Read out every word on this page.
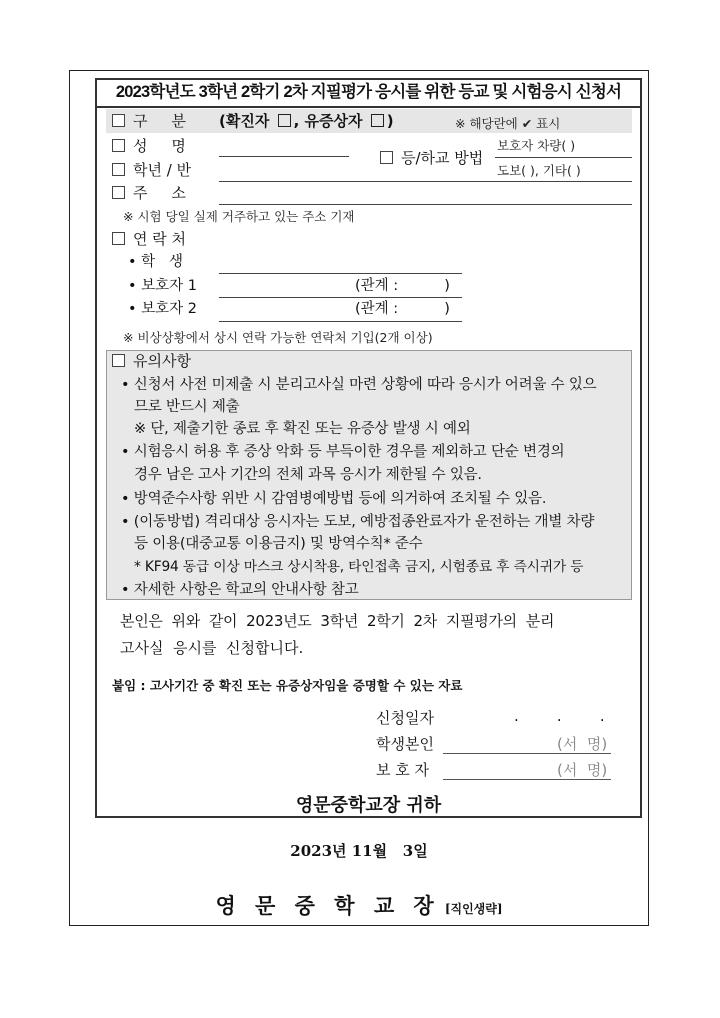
2023학년도 3학년 2학기 2차 지필평가 응시를 위한 등교 및 시험응시 신청서
구     분 (확진자 , 유증상자 )	※ 해당란에 ✔ 표시
성     명
학년 / 반
등/하교 방법
보호자 차량( )
도보( ), 기타( )
주     소
※ 시험 당일 실제 거주하고 있는 주소 기재
연 락 처
• 학   생
• 보호자 1	(관계 :          )
• 보호자 2	(관계 :          )
※ 비상상황에서 상시 연락 가능한 연락처 기입(2개 이상)
유의사항
• 신청서 사전 미제출 시 분리고사실 마련 상황에 따라 응시가 어려울 수 있으
므로 반드시 제출
※ 단, 제출기한 종료 후 확진 또는 유증상 발생 시 예외
• 시험응시 허용 후 증상 악화 등 부득이한 경우를 제외하고 단순 변경의
경우 남은 고사 기간의 전체 과목 응시가 제한될 수 있음.
• 방역준수사항 위반 시 감염병예방법 등에 의거하여 조치될 수 있음.
• (이동방법) 격리대상 응시자는 도보, 예방접종완료자가 운전하는 개별 차량
등 이용(대중교통 이용금지) 및 방역수칙* 준수
* KF94 동급 이상 마스크 상시착용, 타인접촉 금지, 시험종료 후 즉시귀가 등
• 자세한 사항은 학교의 안내사항 참고
본인은  위와  같이  2023년도  3학년  2학기  2차  지필평가의  분리
고사실  응시를  신청합니다.
붙임 : 고사기간 중 확진 또는 유증상자임을 증명할 수 있는 자료
신청일자	.        .        .
학생본인	(서  명)
보 호 자	(서  명)
영문중학교장 귀하
2023년 11월   3일
영 문 중 학 교 장 [직인생략]
